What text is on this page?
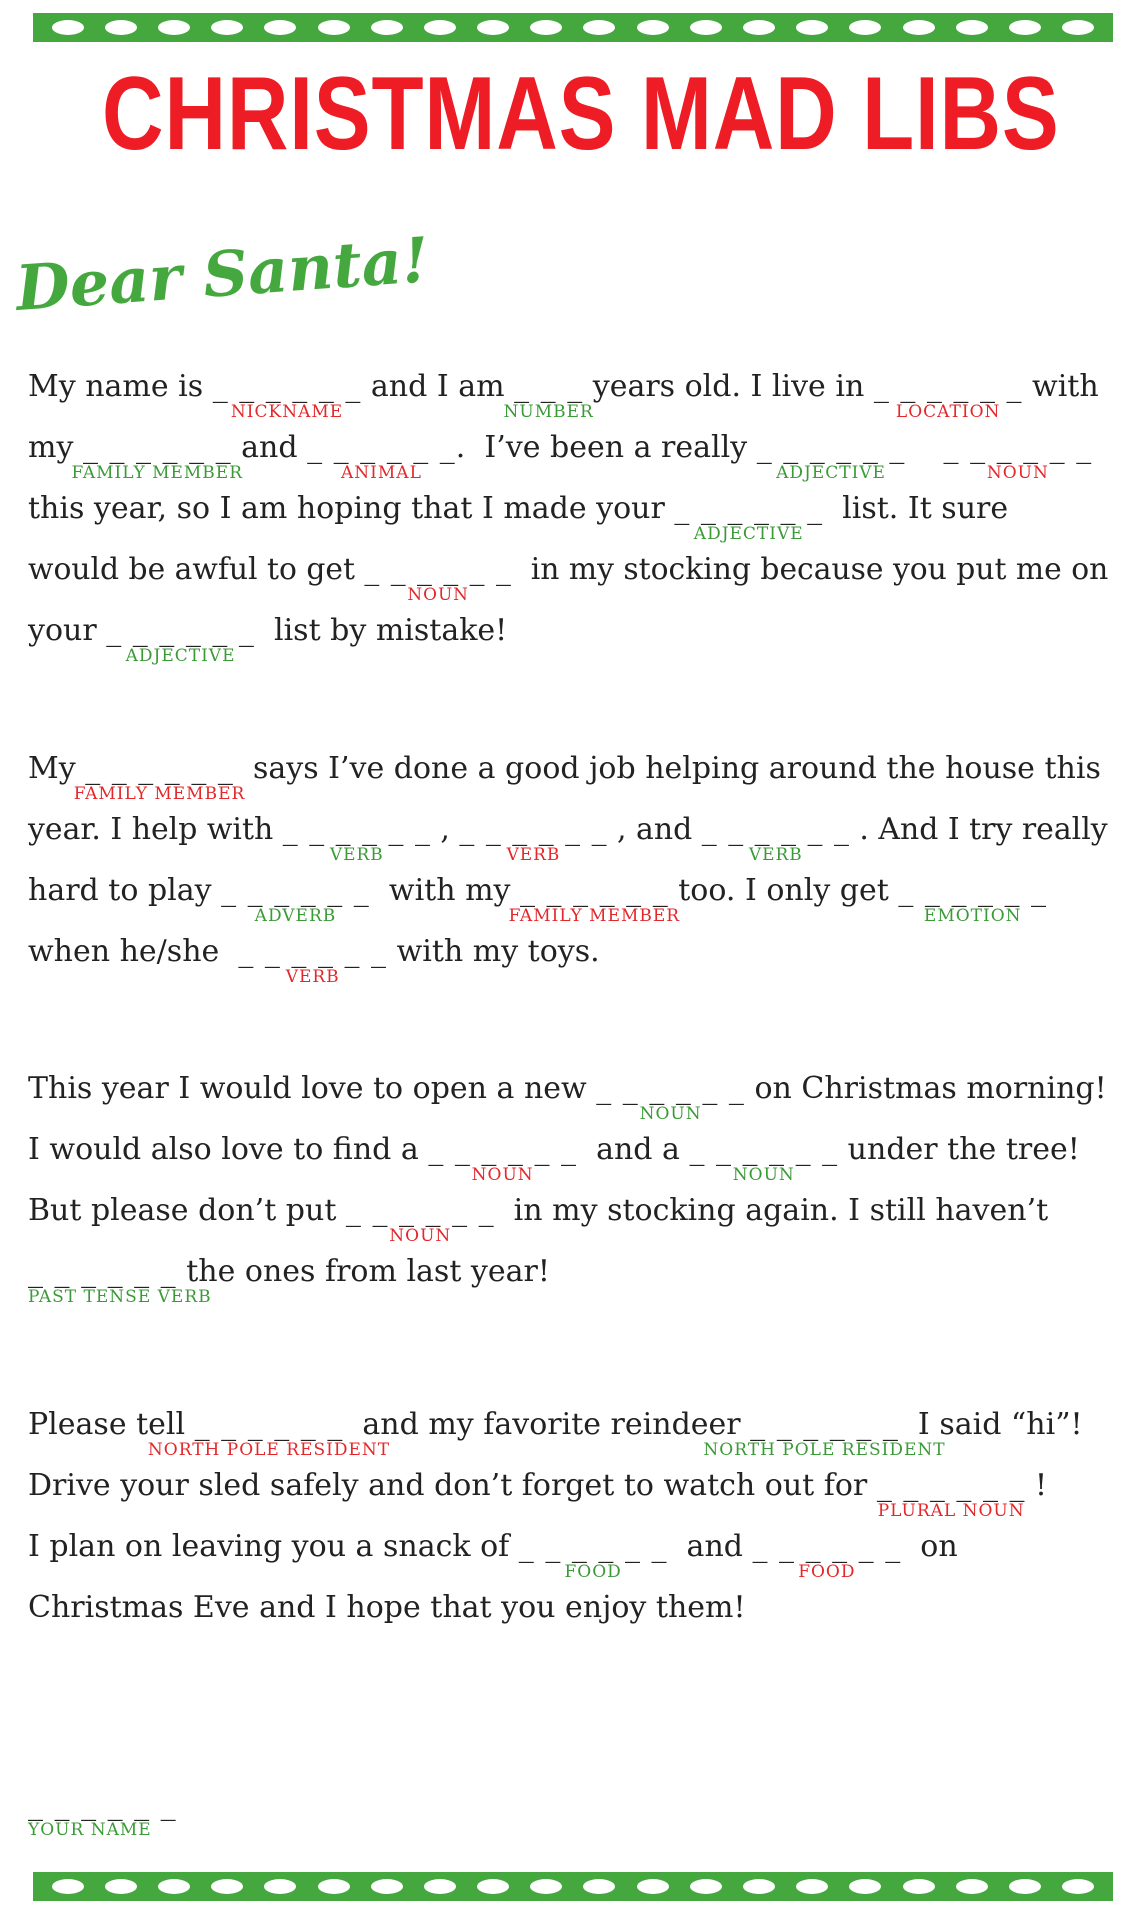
CHRISTMAS MAD LIBS
Dear Santa!
My name is _ _ _ _ _ _
NICKNAME
and I am _ _ _
NUMBER
years old. I live in _ _ _ _ _ _
LOCATION
with
my _ _ _ _ _ _
FAMILY MEMBER
and _ _ _ _ _ _
ANIMAL
.  I’ve been a really _ _ _ _ _ _
ADJECTIVE
_ _ _ _ _ _
NOUN
this year, so I am hoping that I made your _ _ _ _ _ _
ADJECTIVE
list. It sure
would be awful to get _ _ _ _ _ _
NOUN
in my stocking because you put me on
your _ _ _ _ _ _
ADJECTIVE
list by mistake!
My _ _ _ _ _ _
FAMILY MEMBER
says I’ve done a good job helping around the house this
year. I help with _ _ _ _ _ _
VERB
, _ _ _ _ _ _
VERB
, and _ _ _ _ _ _
VERB
. And I try really
hard to play _ _ _ _ _ _
ADVERB
with my _ _ _ _ _ _
FAMILY MEMBER
too. I only get _ _ _ _ _ _
EMOTION
when he/she  _ _ _ _ _ _
VERB
with my toys.
This year I would love to open a new _ _ _ _ _ _
NOUN
on Christmas morning!
I would also love to find a _ _ _ _ _ _
NOUN
and a _ _ _ _ _ _
NOUN
under the tree!
But please don’t put _ _ _ _ _ _
NOUN
in my stocking again. I still haven’t
_ _ _ _ _ _
PAST TENSE VERB
the ones from last year!
Please tell _ _ _ _ _ _
NORTH POLE RESIDENT
and my favorite reindeer _ _ _ _ _ _
NORTH POLE RESIDENT
I said “hi”!
Drive your sled safely and don’t forget to watch out for _ _ _ _ _ _
PLURAL NOUN
!
I plan on leaving you a snack of _ _ _ _ _ _
FOOD
and _ _ _ _ _ _
FOOD
on
Christmas Eve and I hope that you enjoy them!
_ _ _ _ _ _
YOUR NAME
